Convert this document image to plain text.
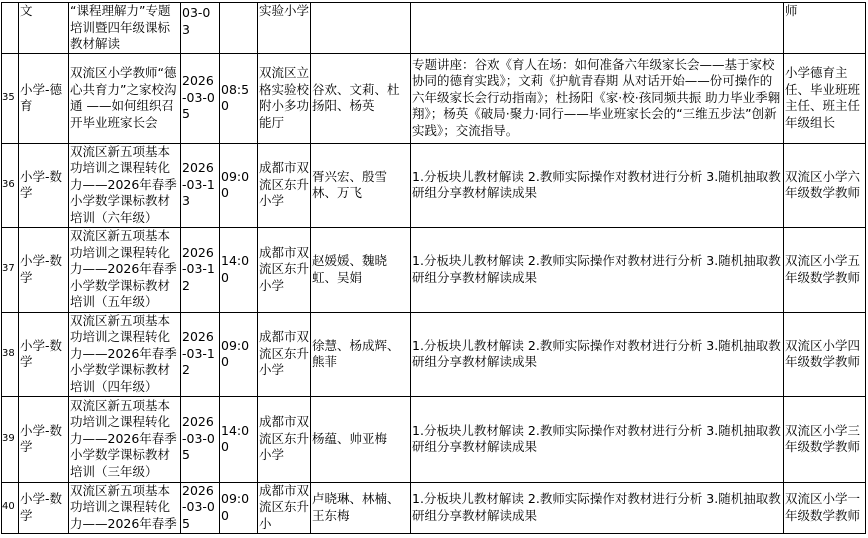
	文	“课程理解力”专题培训暨四年级课标教材解读	03-03		实验小学			师
35	小学-德育	双流区小学教师“德心共育力”之家校沟通 ——如何组织召开毕业班家长会	2026-03-05	08:50	双流区立格实验校附小多功能厅	谷欢、文莉、杜扬阳、杨英	专题讲座：谷欢《育人在场：如何准备六年级家长会——基于家校协同的德育实践》；文莉《护航青春期 从对话开始——份可操作的六年级家长会行动指南》；杜扬阳《家·校·孩同频共振 助力毕业季翱翔》；杨英《破局·聚力·同行——毕业班家长会的“三维五步法”创新实践》；交流指导。	小学德育主任、毕业班班主任、班主任年级组长
36	小学-数学	双流区新五项基本功培训之课程转化力——2026年春季小学数学课标教材培训（六年级）	2026-03-13	09:00	成都市双流区东升小学	胥兴宏、殷雪林、万飞	1.分板块儿教材解读 2.教师实际操作对教材进行分析 3.随机抽取教研组分享教材解读成果	双流区小学六年级数学教师
37	小学-数学	双流区新五项基本功培训之课程转化力——2026年春季小学数学课标教材培训（五年级）	2026-03-12	14:00	成都市双流区东升小学	赵媛媛、魏晓虹、吴娟	1.分板块儿教材解读 2.教师实际操作对教材进行分析 3.随机抽取教研组分享教材解读成果	双流区小学五年级数学教师
38	小学-数学	双流区新五项基本功培训之课程转化力——2026年春季小学数学课标教材培训（四年级）	2026-03-12	09:00	成都市双流区东升小学	徐慧、杨成辉、熊菲	1.分板块儿教材解读 2.教师实际操作对教材进行分析 3.随机抽取教研组分享教材解读成果	双流区小学四年级数学教师
39	小学-数学	双流区新五项基本功培训之课程转化力——2026年春季小学数学课标教材培训（三年级）	2026-03-05	14:00	成都市双流区东升小学	杨蕴、帅亚梅	1.分板块儿教材解读 2.教师实际操作对教材进行分析 3.随机抽取教研组分享教材解读成果	双流区小学三年级数学教师
40	小学-数学	双流区新五项基本功培训之课程转化力——2026年春季	2026-03-05	09:00	成都市双流区东升小	卢晓琳、林楠、王东梅	1.分板块儿教材解读 2.教师实际操作对教材进行分析 3.随机抽取教研组分享教材解读成果	双流区小学一年级数学教师
